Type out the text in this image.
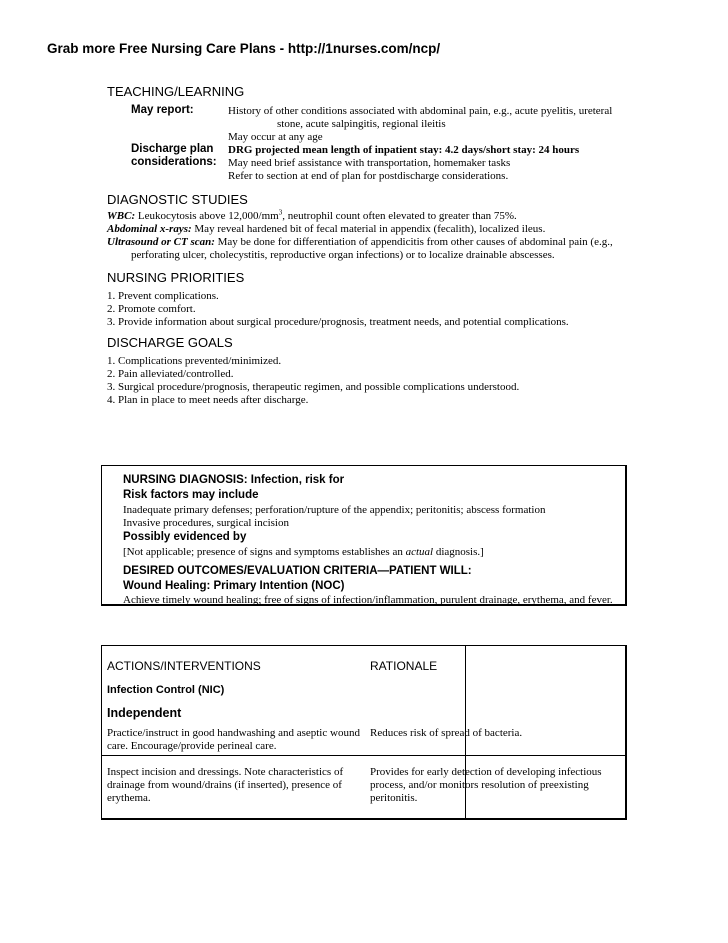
Grab more Free Nursing Care Plans - http://1nurses.com/ncp/
TEACHING/LEARNING
May report:	History of other conditions associated with abdominal pain, e.g., acute pyelitis, ureteral
stone, acute salpingitis, regional ileitis
May occur at any age
Discharge plan
considerations:
DRG projected mean length of inpatient stay: 4.2 days/short stay: 24 hours
May need brief assistance with transportation, homemaker tasks
Refer to section at end of plan for postdischarge considerations.
DIAGNOSTIC STUDIES
WBC: Leukocytosis above $12,000/mm^3$, neutrophil count often elevated to greater than 75%.
Abdominal x-rays: May reveal hardened bit of fecal material in appendix (fecalith), localized ileus.
Ultrasound or CT scan: May be done for differentiation of appendicitis from other causes of abdominal pain (e.g.,
perforating ulcer, cholecystitis, reproductive organ infections) or to localize drainable abscesses.
NURSING PRIORITIES
1. Prevent complications.
2. Promote comfort.
3. Provide information about surgical procedure/prognosis, treatment needs, and potential complications.
DISCHARGE GOALS
1. Complications prevented/minimized.
2. Pain alleviated/controlled.
3. Surgical procedure/prognosis, therapeutic regimen, and possible complications understood.
4. Plan in place to meet needs after discharge.
NURSING DIAGNOSIS: Infection, risk for
Risk factors may include
Inadequate primary defenses; perforation/rupture of the appendix; peritonitis; abscess formation
Invasive procedures, surgical incision
Possibly evidenced by
[Not applicable; presence of signs and symptoms establishes an actual diagnosis.]
DESIRED OUTCOMES/EVALUATION CRITERIA—PATIENT WILL:
Wound Healing: Primary Intention (NOC)
Achieve timely wound healing; free of signs of infection/inflammation, purulent drainage, erythema, and fever.
ACTIONS/INTERVENTIONS	RATIONALE
Infection Control (NIC)
Independent
Practice/instruct in good handwashing and aseptic wound
care. Encourage/provide perineal care.
Reduces risk of spread of bacteria.
Inspect incision and dressings. Note characteristics of
drainage from wound/drains (if inserted), presence of
erythema.
Provides for early detection of developing infectious
process, and/or monitors resolution of preexisting
peritonitis.
